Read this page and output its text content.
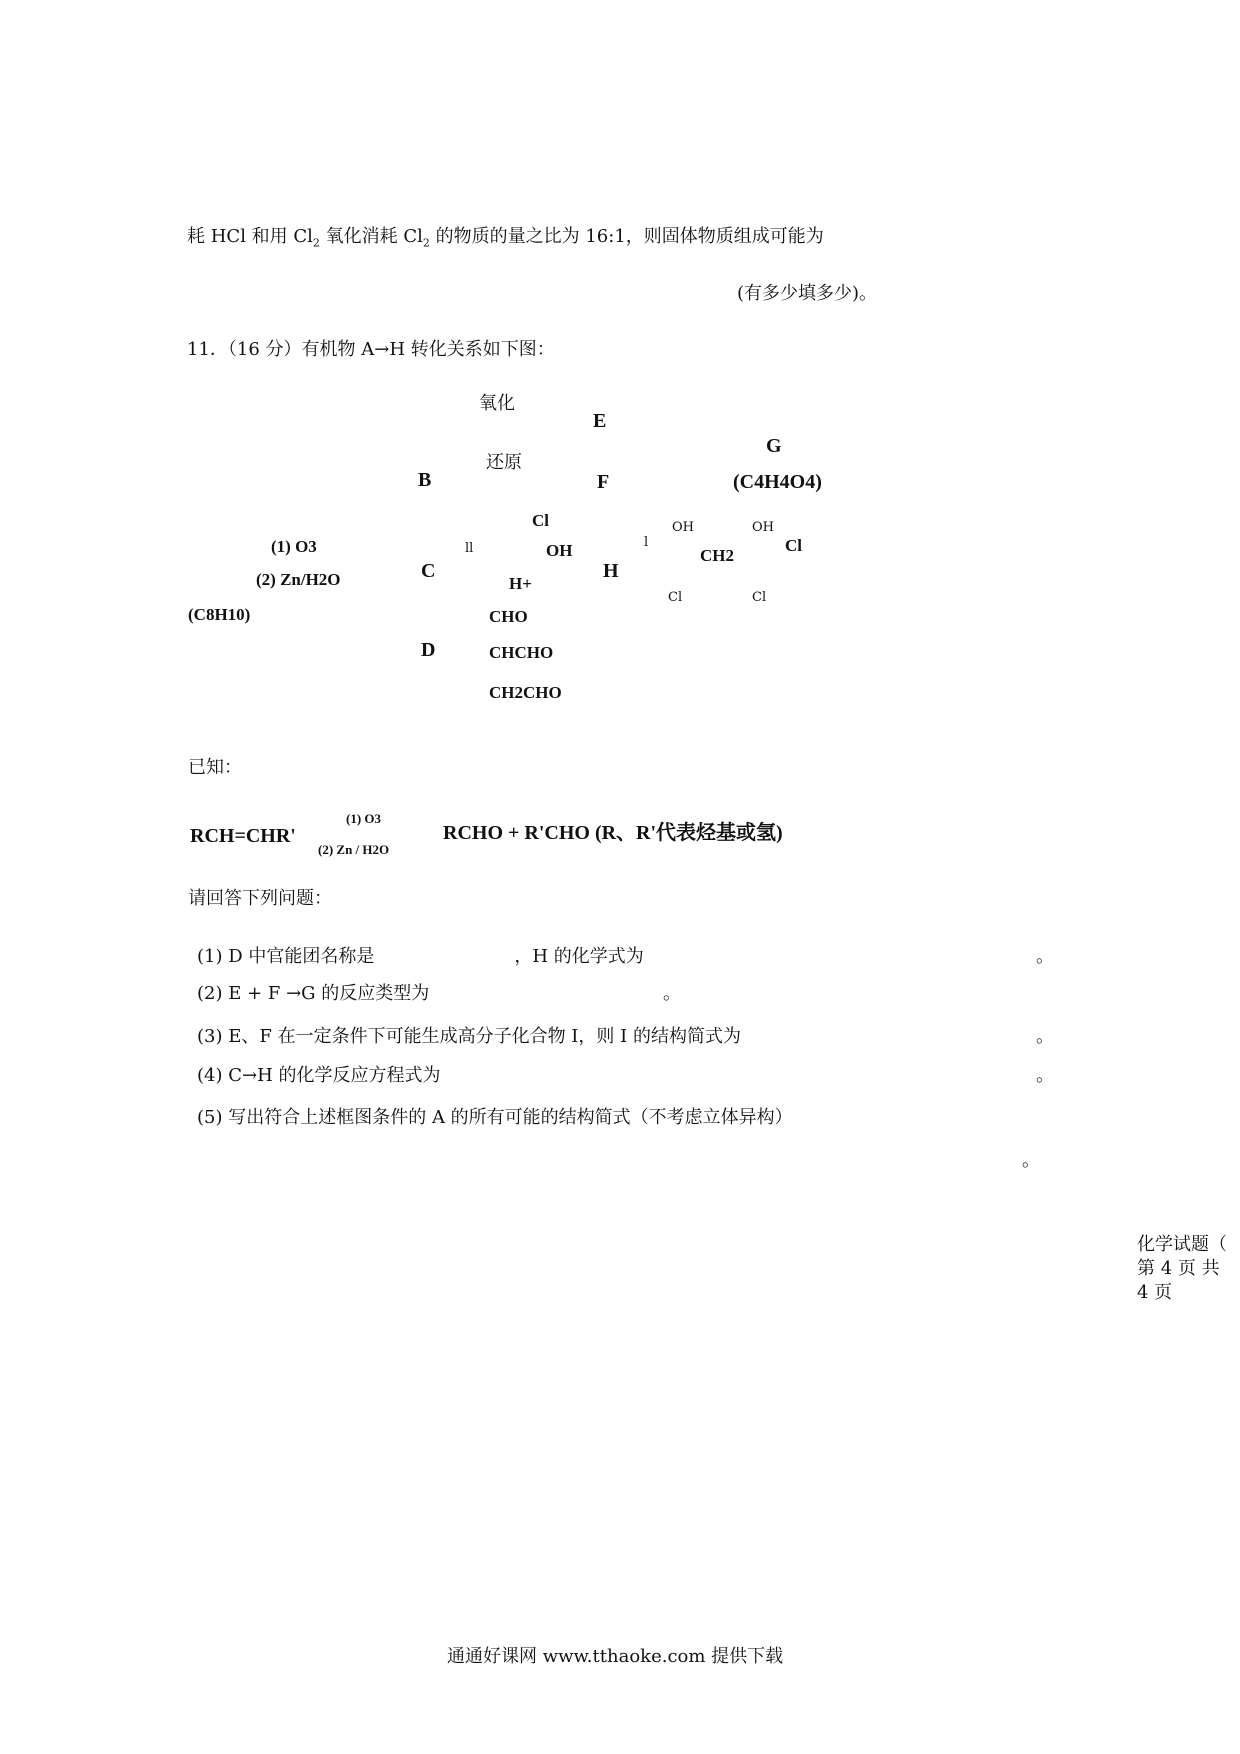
耗 HCl 和用 $Cl_2$ 氧化消耗 $Cl_2$ 的物质的量之比为 16:1，则固体物质组成可能为
(有多少填多少)。
11．（16 分）有机物 A→H 转化关系如下图：
氧化
E
G
还原
B	F	(C4H4O4)
Cl	OH	OH
(1) O3	OH
ll	l	Cl
CH2
C	H
(2) Zn/H2O	H+
Cl	Cl
(C8H10)	CHO
D	CHCHO
CH2CHO
已知：
(1) O3
RCH=CHR'	RCHO + R'CHO (R、R'代表烃基或氢)
(2) Zn / H2O
请回答下列问题：
(1) D 中官能团名称是	，H 的化学式为	。
(2) E + F →G 的反应类型为	。
(3) E、F 在一定条件下可能生成高分子化合物 I，则 I 的结构简式为	。
(4) C→H 的化学反应方程式为	。
(5) 写出符合上述框图条件的 A 的所有可能的结构简式（不考虑立体异构）
。
化学试题（ 第 4 页 共 4 页
通通好课网 www.tthaoke.com 提供下载
